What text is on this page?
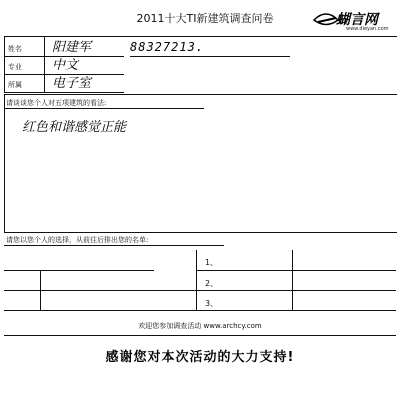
2011十大TI新建筑调查问卷	蝴言网
www.dieyan.com
姓名 阳建军	88327213.
专业 中文
所属 电子室
请谈谈您个人对五项建筑的看法:
红色和谐感觉正能
请您以您个人的选择，从前往后排出您的名单:
1、
2、
3、
欢迎您参加调查活动 www.archcy.com
感谢您对本次活动的大力支持!
